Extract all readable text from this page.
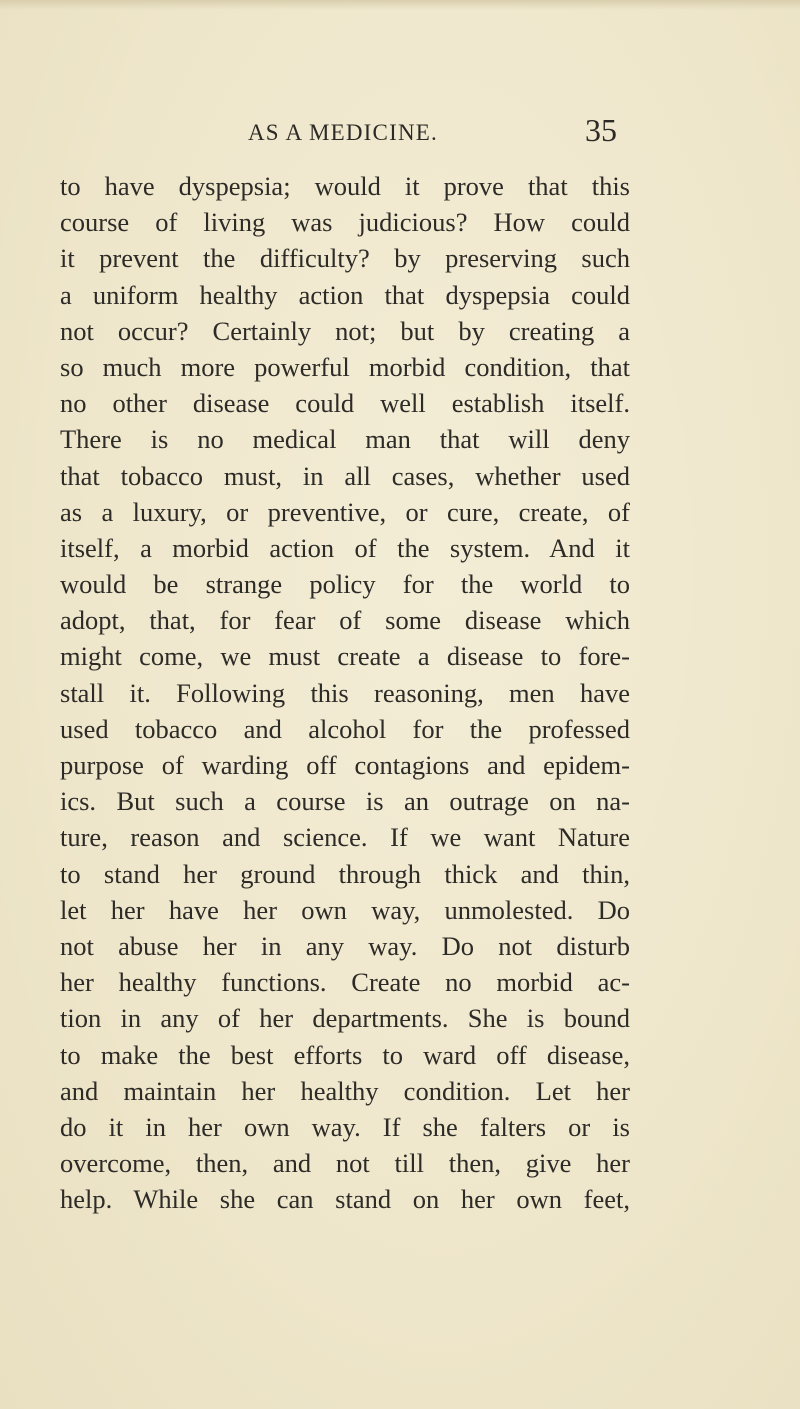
AS A MEDICINE.	35
to have dyspepsia; would it prove that this
course of living was judicious? How could
it prevent the difficulty? by preserving such
a uniform healthy action that dyspepsia could
not occur? Certainly not; but by creating a
so much more powerful morbid condition, that
no other disease could well establish itself.
There is no medical man that will deny
that tobacco must, in all cases, whether used
as a luxury, or preventive, or cure, create, of
itself, a morbid action of the system. And it
would be strange policy for the world to
adopt, that, for fear of some disease which
might come, we must create a disease to fore-
stall it. Following this reasoning, men have
used tobacco and alcohol for the professed
purpose of warding off contagions and epidem-
ics. But such a course is an outrage on na-
ture, reason and science. If we want Nature
to stand her ground through thick and thin,
let her have her own way, unmolested. Do
not abuse her in any way. Do not disturb
her healthy functions. Create no morbid ac-
tion in any of her departments. She is bound
to make the best efforts to ward off disease,
and maintain her healthy condition. Let her
do it in her own way. If she falters or is
overcome, then, and not till then, give her
help. While she can stand on her own feet,
